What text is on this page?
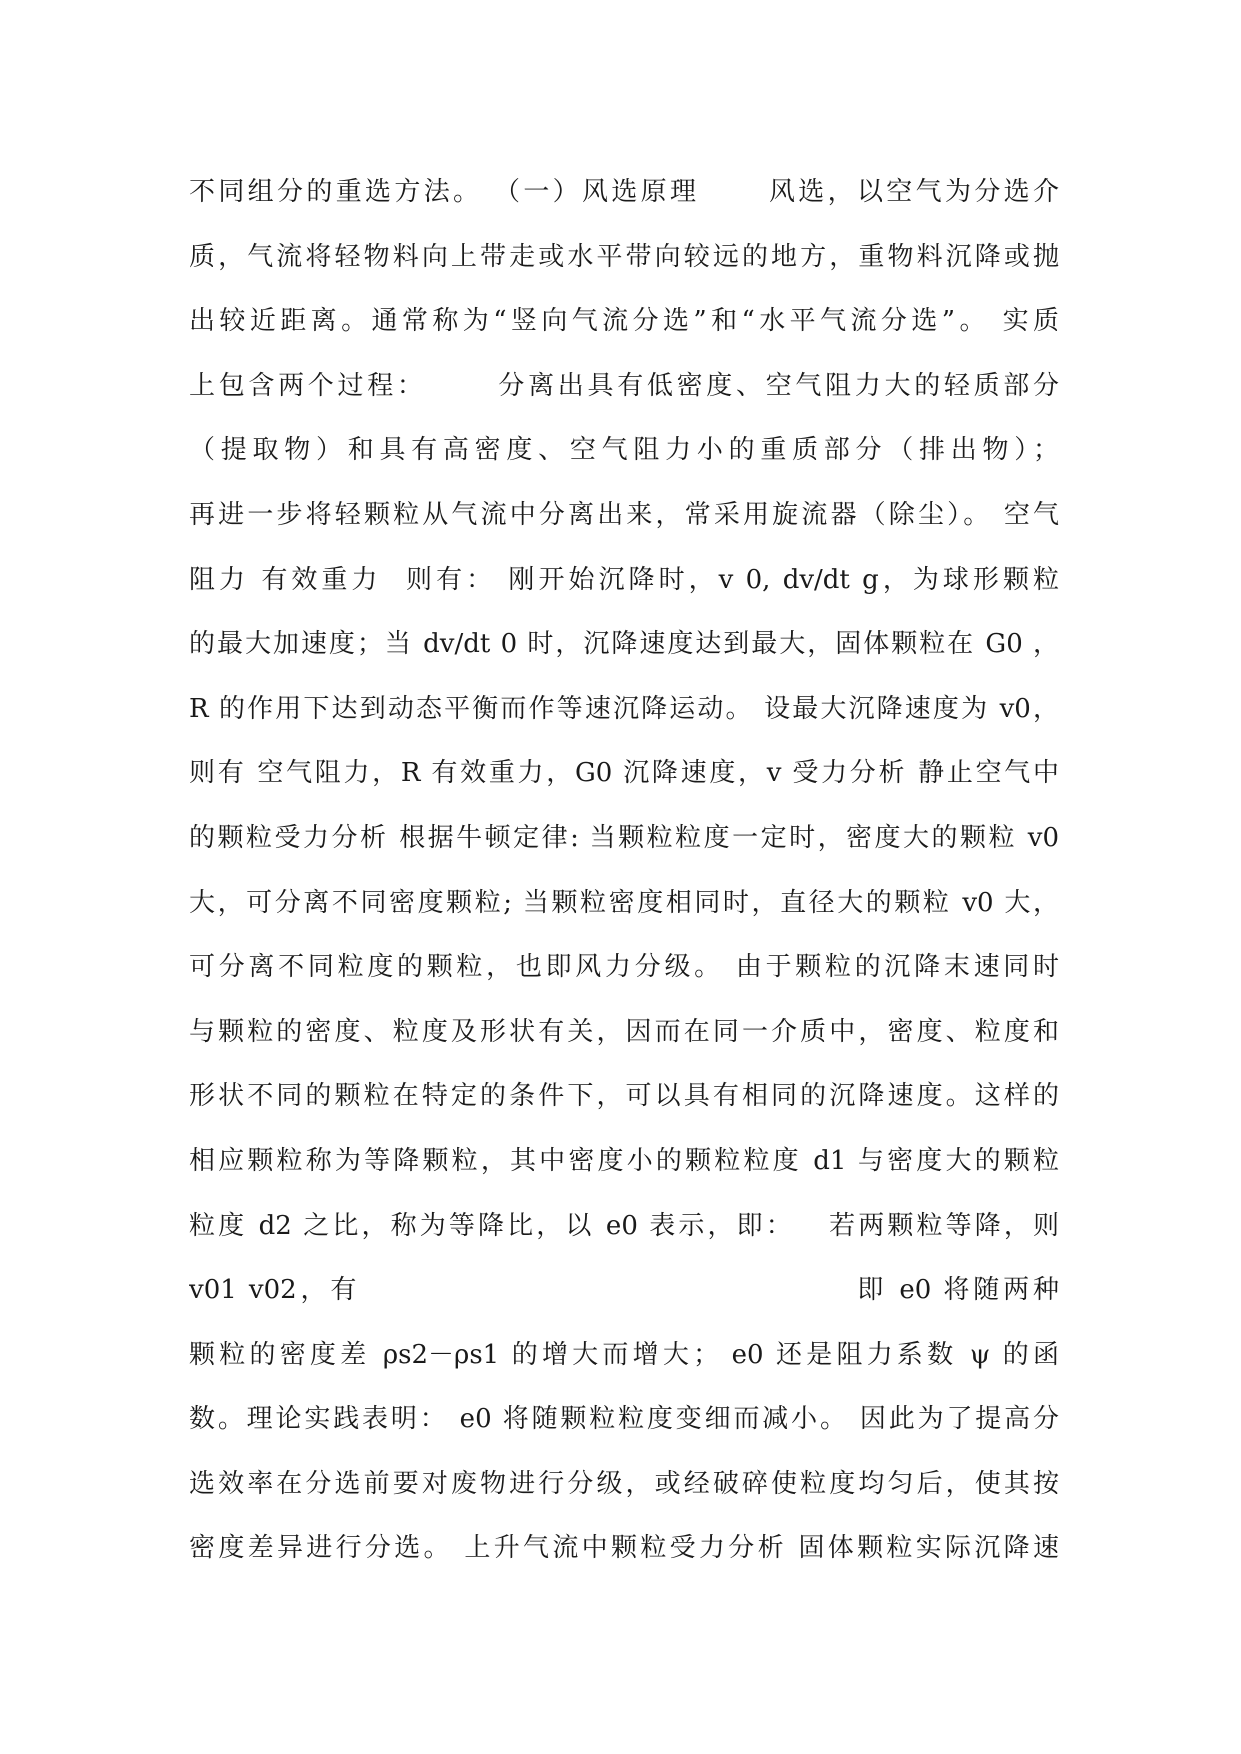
不同组分的重选方法。 （一）风选原理      风选，以空气为分选介
质，气流将轻物料向上带走或水平带向较远的地方，重物料沉降或抛
出较近距离。通常称为“竖向气流分选”和“水平气流分选”。 实质
上包含两个过程：      分离出具有低密度、空气阻力大的轻质部分
（提取物）和具有高密度、空气阻力小的重质部分（排出物）；
再进一步将轻颗粒从气流中分离出来，常采用旋流器（除尘）。 空气
阻力 有效重力  则有： 刚开始沉降时，v 0, dv/dt g，为球形颗粒
的最大加速度；当 dv/dt 0 时，沉降速度达到最大，固体颗粒在 G0 ，
R 的作用下达到动态平衡而作等速沉降运动。 设最大沉降速度为 v0，
则有 空气阻力，R 有效重力，G0 沉降速度，v 受力分析 静止空气中
的颗粒受力分析 根据牛顿定律: 当颗粒粒度一定时，密度大的颗粒 v0
大，可分离不同密度颗粒; 当颗粒密度相同时，直径大的颗粒 v0 大，
可分离不同粒度的颗粒，也即风力分级。 由于颗粒的沉降末速同时
与颗粒的密度、粒度及形状有关，因而在同一介质中，密度、粒度和
形状不同的颗粒在特定的条件下，可以具有相同的沉降速度。这样的
相应颗粒称为等降颗粒，其中密度小的颗粒粒度 d1 与密度大的颗粒
粒度 d2 之比，称为等降比，以 e0 表示，即：   若两颗粒等降，则
v01 v02，有                                         即 e0 将随两种
颗粒的密度差 ρs2－ρs1 的增大而增大； e0 还是阻力系数 ψ 的函
数。理论实践表明： e0 将随颗粒粒度变细而减小。 因此为了提高分
选效率在分选前要对废物进行分级，或经破碎使粒度均匀后，使其按
密度差异进行分选。 上升气流中颗粒受力分析 固体颗粒实际沉降速
